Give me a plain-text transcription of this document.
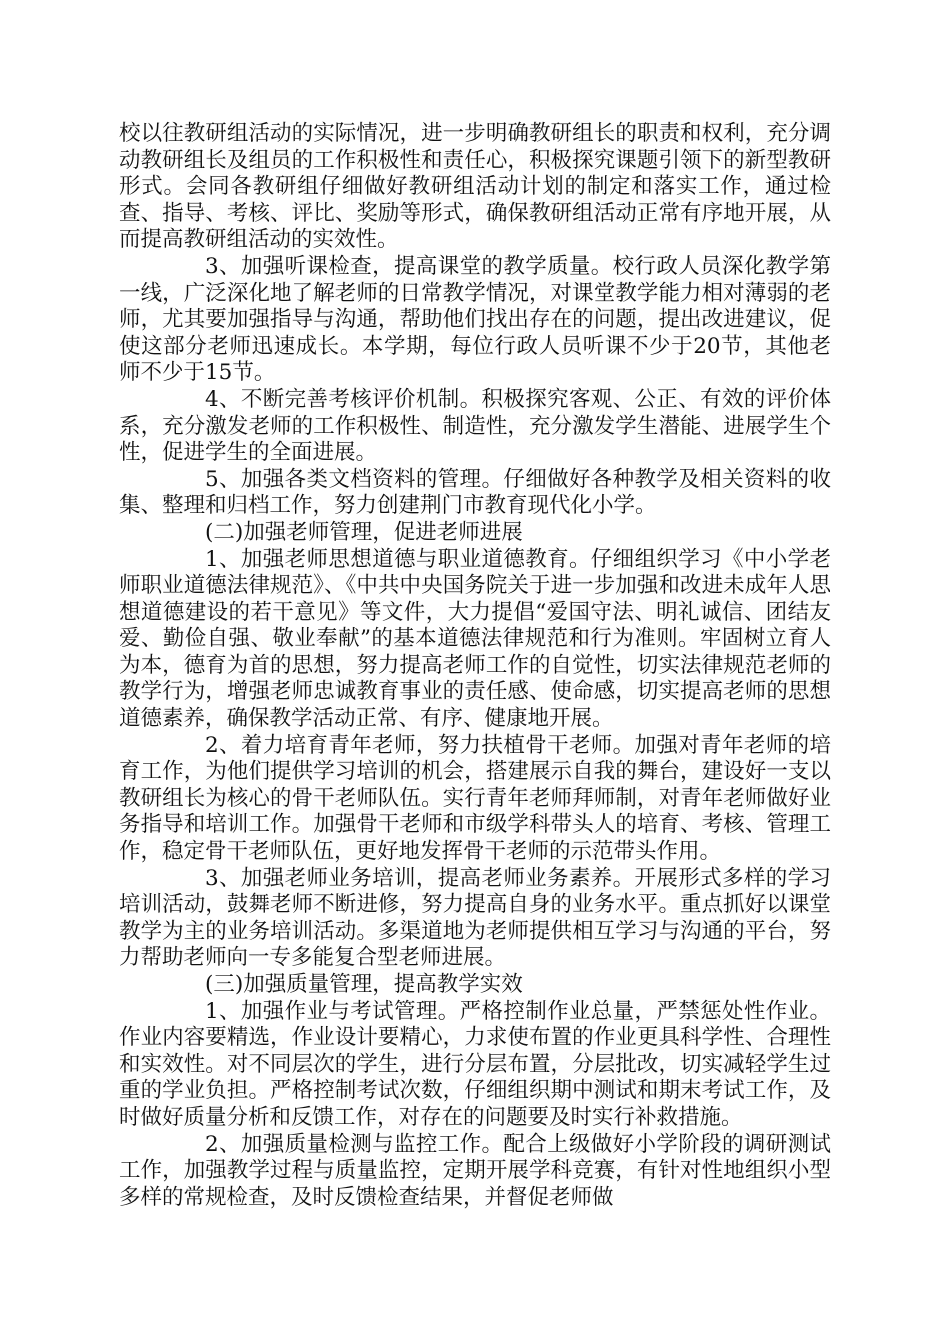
校以往教研组活动的实际情况，进一步明确教研组长的职责和权利，充分调动教研组长及组员的工作积极性和责任心，积极探究课题引领下的新型教研形式。会同各教研组仔细做好教研组活动计划的制定和落实工作，通过检查、指导、考核、评比、奖励等形式，确保教研组活动正常有序地开展，从而提高教研组活动的实效性。

3、加强听课检查，提高课堂的教学质量。校行政人员深化教学第一线，广泛深化地了解老师的日常教学情况，对课堂教学能力相对薄弱的老师，尤其要加强指导与沟通，帮助他们找出存在的问题，提出改进建议，促使这部分老师迅速成长。本学期，每位行政人员听课不少于20节，其他老师不少于15节。

4、不断完善考核评价机制。积极探究客观、公正、有效的评价体系，充分激发老师的工作积极性、制造性，充分激发学生潜能、进展学生个性，促进学生的全面进展。

5、加强各类文档资料的管理。仔细做好各种教学及相关资料的收集、整理和归档工作，努力创建荆门市教育现代化小学。

(二)加强老师管理，促进老师进展

1、加强老师思想道德与职业道德教育。仔细组织学习《中小学老师职业道德法律规范》、《中共中央国务院关于进一步加强和改进未成年人思想道德建设的若干意见》等文件，大力提倡“爱国守法、明礼诚信、团结友爱、勤俭自强、敬业奉献”的基本道德法律规范和行为准则。牢固树立育人为本，德育为首的思想，努力提高老师工作的自觉性，切实法律规范老师的教学行为，增强老师忠诚教育事业的责任感、使命感，切实提高老师的思想道德素养，确保教学活动正常、有序、健康地开展。

2、着力培育青年老师，努力扶植骨干老师。加强对青年老师的培育工作，为他们提供学习培训的机会，搭建展示自我的舞台，建设好一支以教研组长为核心的骨干老师队伍。实行青年老师拜师制，对青年老师做好业务指导和培训工作。加强骨干老师和市级学科带头人的培育、考核、管理工作，稳定骨干老师队伍，更好地发挥骨干老师的示范带头作用。

3、加强老师业务培训，提高老师业务素养。开展形式多样的学习培训活动，鼓舞老师不断进修，努力提高自身的业务水平。重点抓好以课堂教学为主的业务培训活动。多渠道地为老师提供相互学习与沟通的平台，努力帮助老师向一专多能复合型老师进展。

(三)加强质量管理，提高教学实效

1、加强作业与考试管理。严格控制作业总量，严禁惩处性作业。作业内容要精选，作业设计要精心，力求使布置的作业更具科学性、合理性和实效性。对不同层次的学生，进行分层布置，分层批改，切实减轻学生过重的学业负担。严格控制考试次数，仔细组织期中测试和期末考试工作，及时做好质量分析和反馈工作，对存在的问题要及时实行补救措施。

2、加强质量检测与监控工作。配合上级做好小学阶段的调研测试工作，加强教学过程与质量监控，定期开展学科竞赛，有针对性地组织小型多样的常规检查，及时反馈检查结果，并督促老师做
